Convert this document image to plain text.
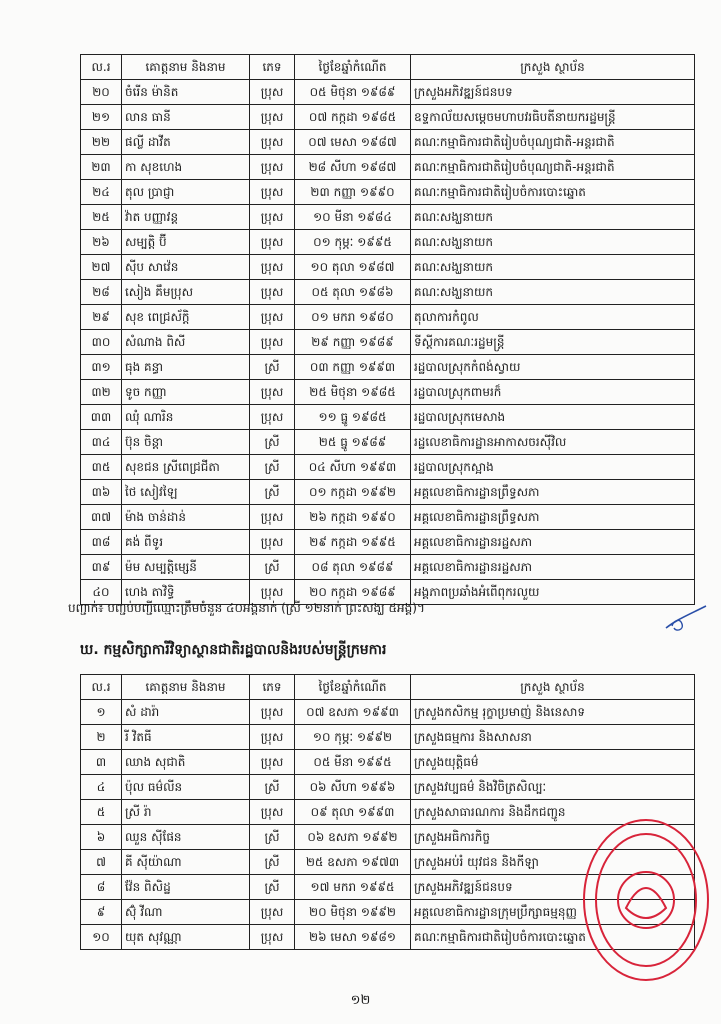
ល.រ	គោត្តនាម និងនាម	ភេទ	ថ្ងៃខែឆ្នាំកំណើត	ក្រសួង ស្ថាប័ន
២០	ចំរើន ម៉ានិត	ប្រុស	០៥ មិថុនា ១៩៨៩	ក្រសួងអភិវឌ្ឍន៍ជនបទ
២១	លាន ធានី	ប្រុស	០៧ កក្កដា ១៩៨៥	ឧទ្ទកាល័យសម្តេចមហាបវរធិបតីនាយករដ្ឋមន្ត្រី
២២	ផល្លី ដាវីត	ប្រុស	០៧ មេសា ១៩៨៧	គណៈកម្មាធិការជាតិរៀបចំបុណ្យជាតិ-អន្តរជាតិ
២៣	កា សុខហេង	ប្រុស	២៨ សីហា ១៩៨៧	គណៈកម្មាធិការជាតិរៀបចំបុណ្យជាតិ-អន្តរជាតិ
២៤	តុល ប្រាជ្ញា	ប្រុស	២៣ កញ្ញា ១៩៩០	គណៈកម្មាធិការជាតិរៀបចំការបោះឆ្នោត
២៥	វ៉ាត បញ្ញាវន្ត	ប្រុស	១០ មីនា ១៩៨៤	គណៈសង្ឃនាយក
២៦	សម្បត្តិ ប៊ី	ប្រុស	០១ កុម្ភៈ ១៩៩៥	គណៈសង្ឃនាយក
២៧	ស៊ីប សាវ៉េន	ប្រុស	១០ តុលា ១៩៨៧	គណៈសង្ឃនាយក
២៨	សៀង គឹមប្រុស	ប្រុស	០៥ តុលា ១៩៨៦	គណៈសង្ឃនាយក
២៩	សុខ ពេជ្រស័ក្តិ	ប្រុស	០១ មករា ១៩៨០	តុលាការកំពូល
៣០	សំណាង ពិសី	ប្រុស	២៩ កញ្ញា ១៩៨៩	ទីស្ដីការគណៈរដ្ឋមន្ត្រី
៣១	ធុង គន្ធា	ស្រី	០៣ កញ្ញា ១៩៩៣	រដ្ឋបាលស្រុកកំពង់ស្វាយ
៣២	ទូច កញ្ញា	ប្រុស	២៥ មិថុនា ១៩៨៥	រដ្ឋបាលស្រុកពាមរក៏
៣៣	ឈុំ ណារិន	ប្រុស	១១ ធ្នូ ១៩៨៥	រដ្ឋបាលស្រុកមេសាង
៣៤	ប៊ុន ចិន្តា	ស្រី	២៥ ធ្នូ ១៩៨៩	រដ្ឋលេខាធិការដ្ឋានអាកាសចរស៊ីវិល
៣៥	សុខជន ស្រីពេជ្រជីតា	ស្រី	០៤ សីហា ១៩៩៣	រដ្ឋបាលស្រុកស្អាង
៣៦	ថៃ សៀវឡៃ	ស្រី	០១ កក្កដា ១៩៩២	អគ្គលេខាធិការដ្ឋានព្រឹទ្ធសភា
៣៧	ម៉ាង ចាន់ដាន់	ប្រុស	២៦ កក្កដា ១៩៩០	អគ្គលេខាធិការដ្ឋានព្រឹទ្ធសភា
៣៨	គង់ ពីទូរ	ប្រុស	២៩ កក្កដា ១៩៩៥	អគ្គលេខាធិការដ្ឋានរដ្ឋសភា
៣៩	ម៉ម សម្បត្តិម្សេនី	ស្រី	០៨ តុលា ១៩៨៩	អគ្គលេខាធិការដ្ឋានរដ្ឋសភា
៤០	ហេង តាវិទ្ធិ	ប្រុស	២០ កក្កដា ១៩៨៩	អង្គភាពប្រឆាំងអំពើពុករលួយ
បញ្ជាក់៖ បញ្ជប់បញ្ជីឈ្មោះត្រឹមចំនួន ៤០អង្គនាក់ (ស្រី ១២នាក់ ព្រះសង្ឃ ៥អង្គ)។
ឃ. កម្មសិក្សាការីវិទ្យាស្ថានជាតិរដ្ឋបាលនិងរបស់មន្ត្រីក្រមការ
ល.រ	គោត្តនាម និងនាម	ភេទ	ថ្ងៃខែឆ្នាំកំណើត	ក្រសួង ស្ថាប័ន
១	សំ ដារ៉ា	ប្រុស	០៧ ឧសភា ១៩៩៣	ក្រសួងកសិកម្ម រុក្ខាប្រមាញ់ និងនេសាទ
២	រី វិតធី	ប្រុស	១០ កុម្ភៈ ១៩៩២	ក្រសួងធម្មការ និងសាសនា
៣	ឈាង សុជាតិ	ប្រុស	០៥ មីនា ១៩៩៥	ក្រសួងយុត្តិធម៌
៤	ប៉ុល ធម៌លីន	ស្រី	០៦ សីហា ១៩៩៦	ក្រសួងវប្បធម៌ និងវិចិត្រសិល្បៈ
៥	ស្រី រ៉ា	ប្រុស	០៩ តុលា ១៩៩៣	ក្រសួងសាធារណការ និងដឹកជញ្ជូន
៦	ឈួន ស៊ីផែន	ស្រី	០៦ ឧសភា ១៩៩២	ក្រសួងអធិការកិច្ច
៧	គី ស៊ីយ៉ាណា	ស្រី	២៥ ឧសភា ១៩៧៣	ក្រសួងអប់រំ យុវជន និងកីឡា
៨	វ៉ែន ពិសិដ្ឋ	ស្រី	១៧ មករា ១៩៩៥	ក្រសួងអភិវឌ្ឍន៍ជនបទ
៩	ស៊ុំ វីណា	ប្រុស	២០ មិថុនា ១៩៩២	អគ្គលេខាធិការដ្ឋានក្រុមប្រឹក្សាធម្មនុញ្ញ
១០	យុត សុវណ្ណា	ប្រុស	២៦ មេសា ១៩៨១	គណៈកម្មាធិការជាតិរៀបចំការបោះឆ្នោត
១២
